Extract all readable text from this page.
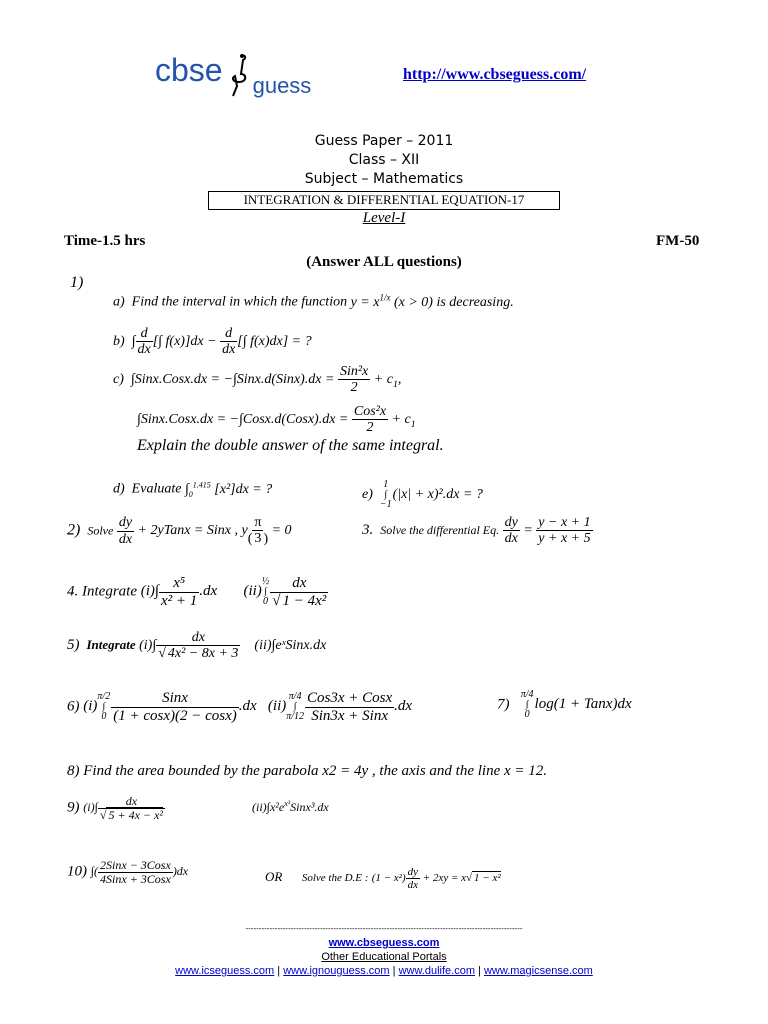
cbse guess	http://www.cbseguess.com/
Guess Paper – 2011
Class – XII
Subject – Mathematics
INTEGRATION & DIFFERENTIAL EQUATION-17
Level-I
Time-1.5 hrs	FM-50
(Answer ALL questions)
1)
a) Find the interval in which the function $y = x^{1/x}$ (x > 0) is decreasing.
b) ∫ $\frac{d}{dx}$ [∫ $f(x)]dx - \frac{d}{dx}$ [∫ f(x)dx] = ?
c) ∫Sinx.Cosx.dx = −∫Sinx.d(Sinx).dx = $\frac{\text{Sin²x}}{2} + c_1$,
∫Sinx.Cosx.dx = −∫Cosx.d(Cosx).dx = $\frac{\text{Cos²x}}{2} + c_1$
Explain the double answer of the same integral.
d) Evaluate $\int_0^{1.415}$ [x²]dx = ?	e)  1
∫
−1(|x| + x)².dx = ?
2) Solve $\frac{dy}{dx}$ + 2yTanx = Sinx , $y( \frac{\pi}{3}$ ) = 0	3. Solve the differential Eq. $\frac{dy}{dx} = \frac{y - x + 1}{y + x + 5}$
4. Integrate $(i)\int \frac{\text{x⁵}}{\text{x² + 1}} .dx$       (ii)½
∫
$0 \frac{dx}{\text{√ 1 − 4x²}}$
5) Integrate $(i)\int \frac{dx}{\text{√ 4x² − 8x + 3}}$ (ii)∫eˣSinx.dx
6) (i)π/2
∫
$0 \frac{\text{Sinx}}{(1 + \cos x)(2 - \cos x)} .dx$   (ii)π/4
∫
$\pi/12 \frac{\text{Cos3x + Cosx}}{\text{Sin3x + Sinx}} .dx$	7)   π/4
∫
0log(1 + Tanx)dx
8) Find the area bounded by the parabola x2 = 4y , the axis and the line x = 12.
9) $(i)\int \frac{dx}{\text{√ 5 + 4x − x²}}$	$(ii)\int x^2e^{x^3}Sinx^3.dx$
10) ∫( $\frac{\text{2Sinx − 3Cosx}}{\text{4Sinx + 3Cosx}} )dx$	OR Solve the D.E : $(1 - x^2) \frac{dy}{dx} + 2xy = x√$ 1 − x²
--------------------------------------------------------------------------------------------------------
www.cbseguess.com
Other Educational Portals
www.icseguess.com | www.ignouguess.com | www.dulife.com | www.magicsense.com
